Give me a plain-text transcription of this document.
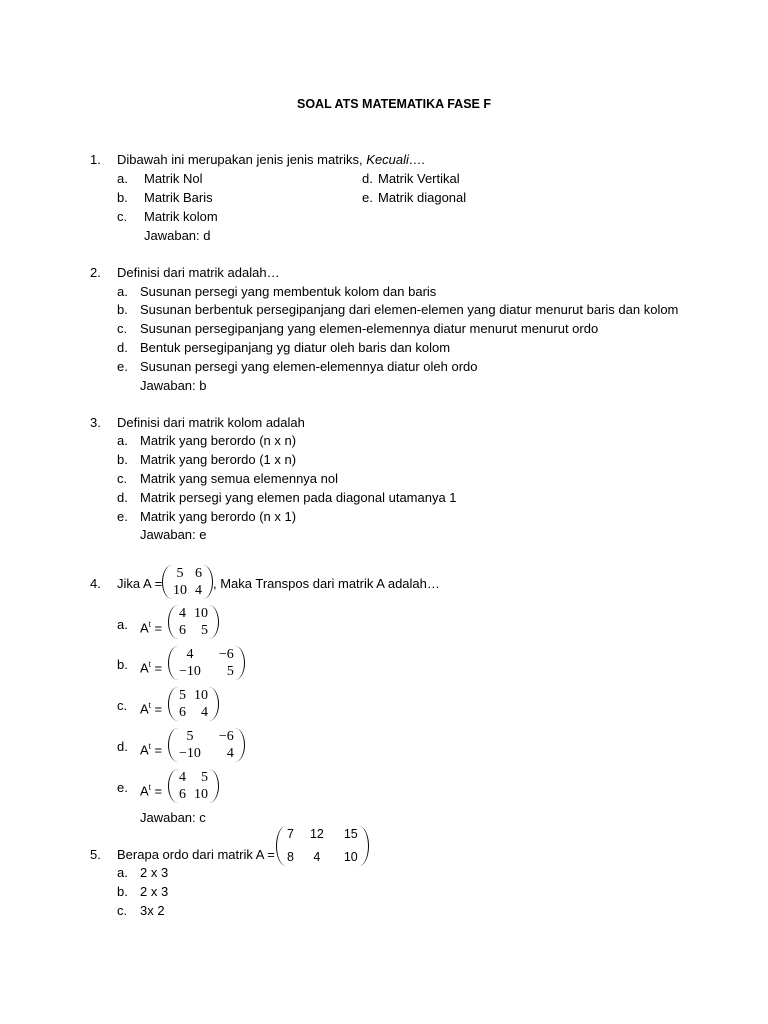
SOAL ATS MATEMATIKA FASE F
1. Dibawah ini merupakan jenis jenis matriks, Kecuali….
a. Matrik Nol
b. Matrik Baris
c. Matrik kolom
d. Matrik Vertikal
e. Matrik diagonal
Jawaban: d
2. Definisi dari matrik adalah…
a. Susunan persegi yang membentuk kolom dan baris
b. Susunan berbentuk persegipanjang dari elemen-elemen yang diatur menurut baris dan kolom
c. Susunan persegipanjang yang elemen-elemennya diatur menurut menurut ordo
d. Bentuk persegipanjang yg diatur oleh baris dan kolom
e. Susunan persegi yang elemen-elemennya diatur oleh ordo
Jawaban: b
3. Definisi dari matrik kolom adalah
a. Matrik yang berordo (n x n)
b. Matrik yang berordo (1 x n)
c. Matrik yang semua elemennya nol
d. Matrik persegi yang elemen pada diagonal utamanya 1
e. Matrik yang berordo (n x 1)
Jawaban: e
4. Jika A =
5	6
10	4 , Maka Transpos dari matrik A adalah…
a. $A^t$ =
4	10
6	5
b. $A^t$ =
4	−6
−10	5
c. $A^t$ =
5	10
6	4
d. $A^t$ =
5	−6
−10	4
e. $A^t$ =
4	5
6	10
Jawaban: c
5. Berapa ordo dari matrik A =
7	12	15
8	4	10
a. 2 x 3
b. 2 x 3
c. 3x 2
